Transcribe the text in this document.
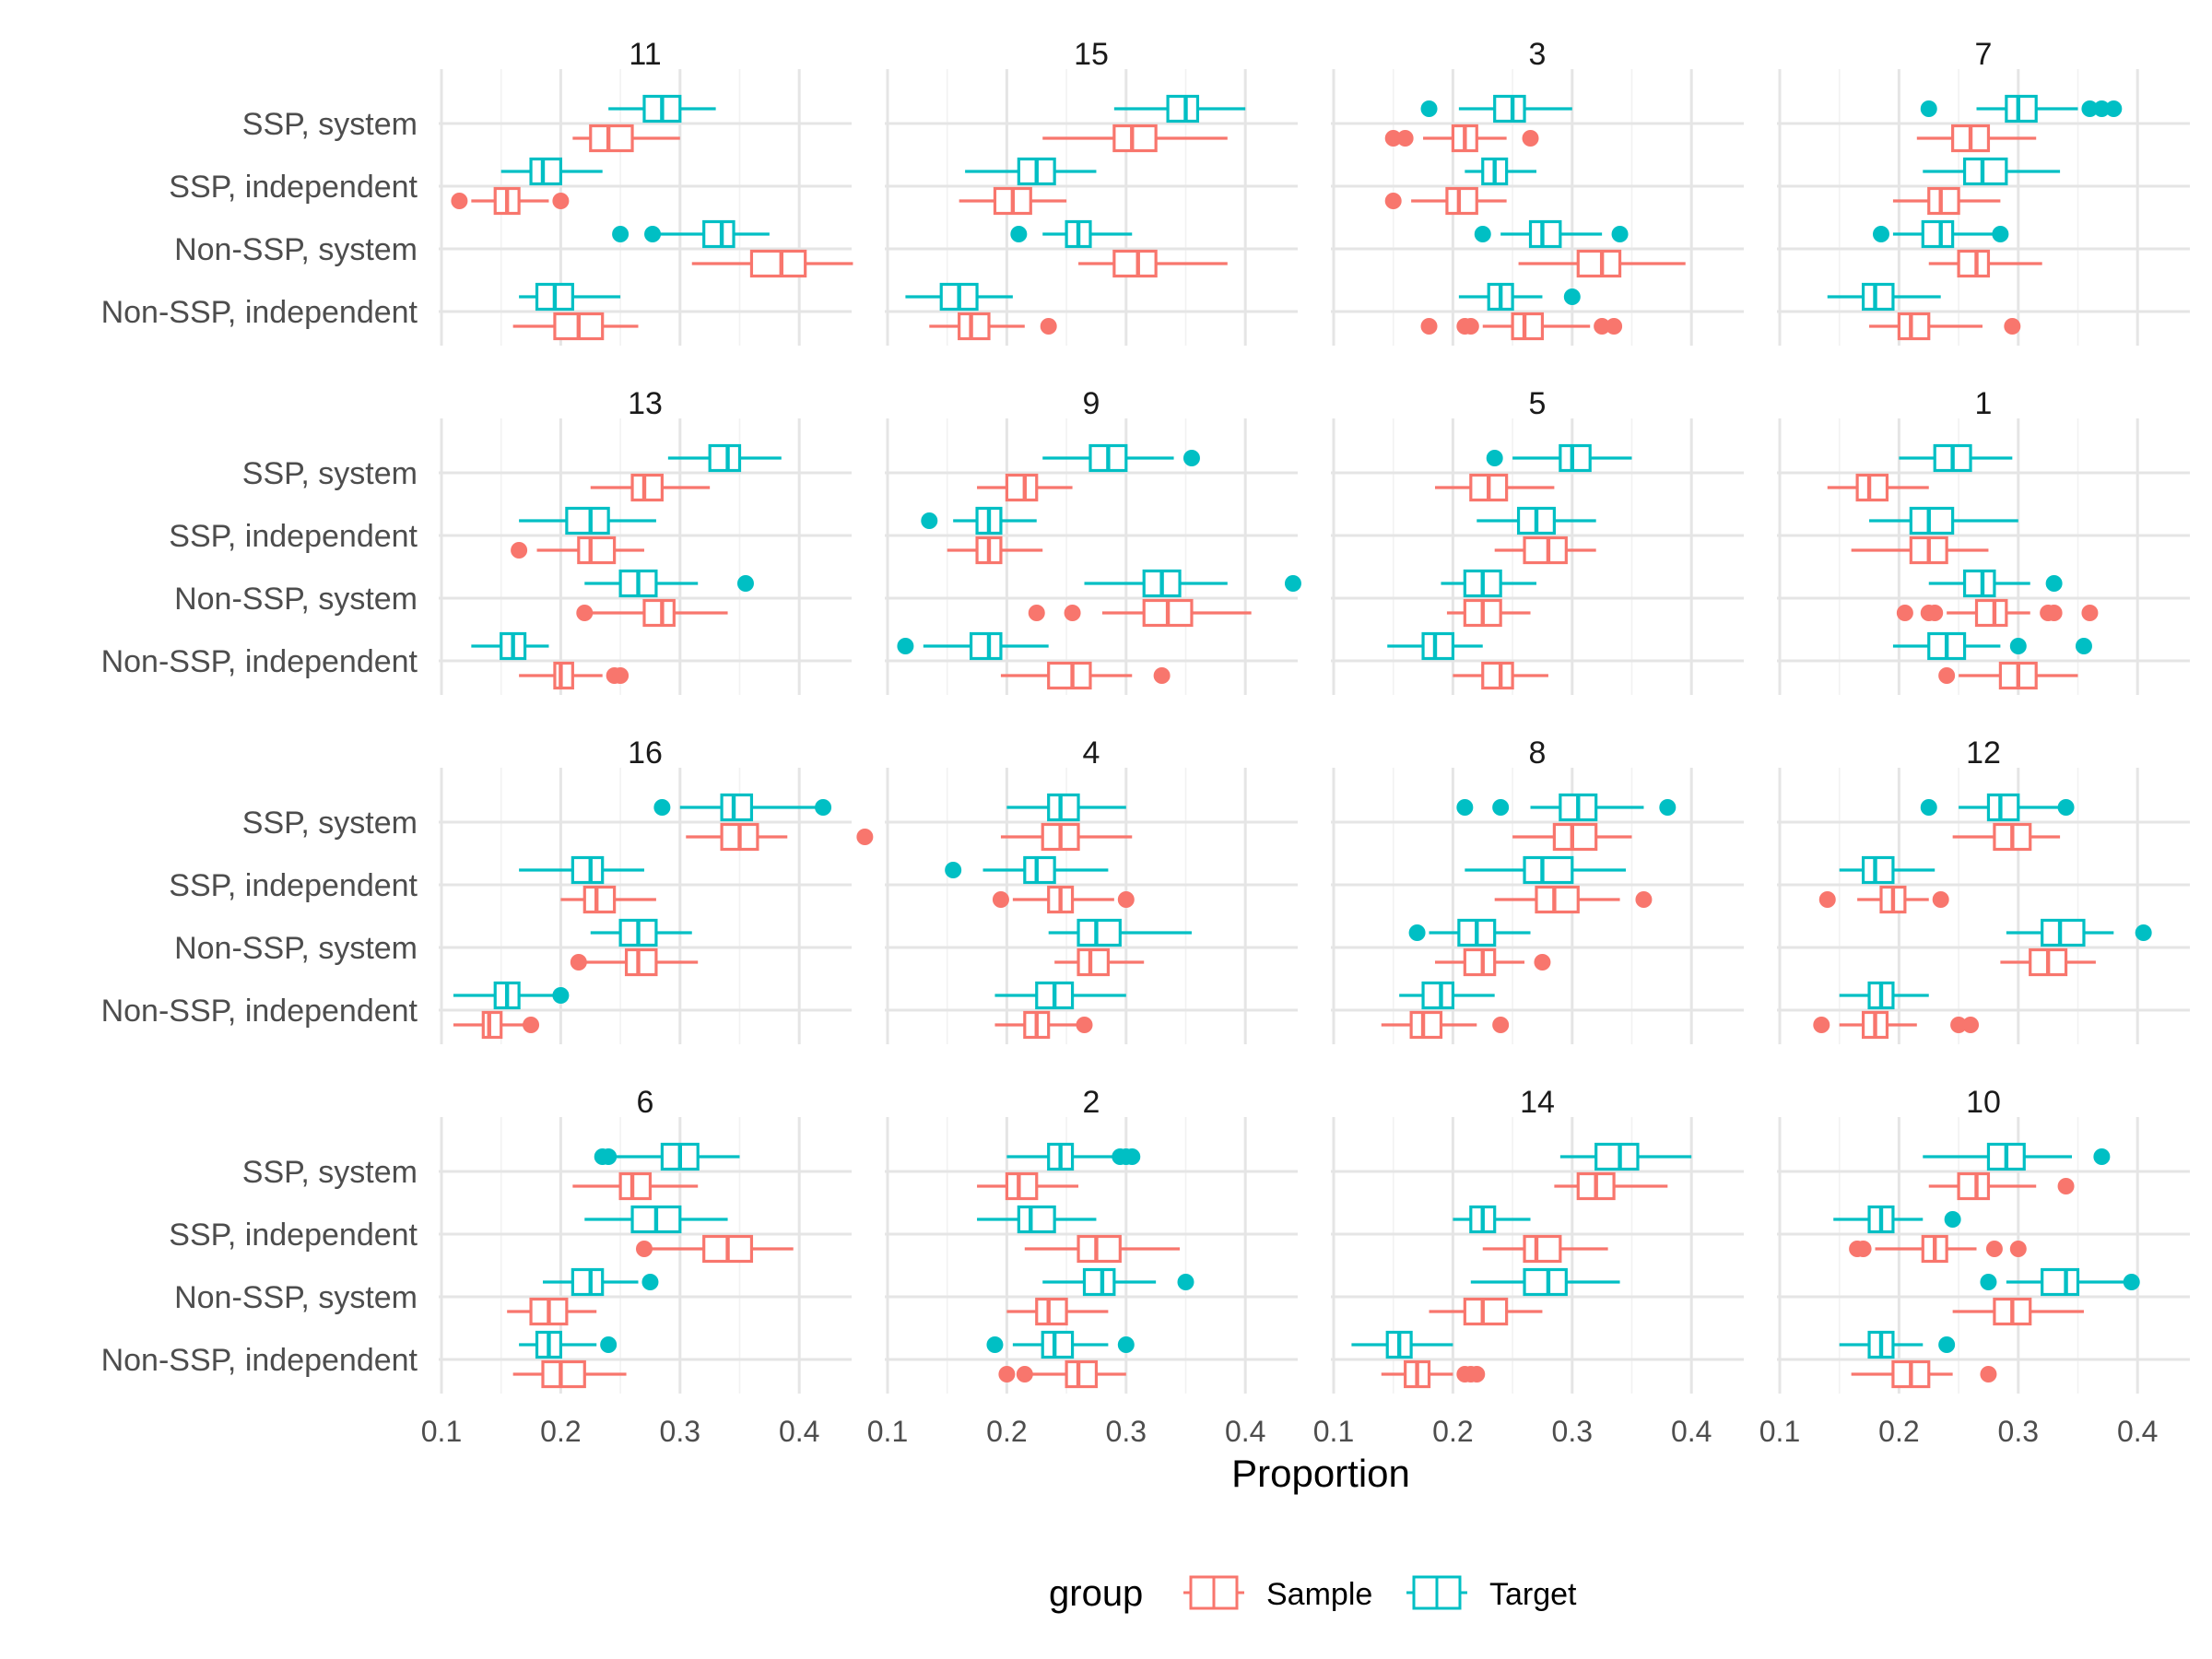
11
SSP, system
SSP, independent
Non-SSP, system
Non-SSP, independent
15	3	7
13
SSP, system
SSP, independent
Non-SSP, system
Non-SSP, independent
9	5	1
16
SSP, system
SSP, independent
Non-SSP, system
Non-SSP, independent
4	8	12
6
SSP, system
SSP, independent
Non-SSP, system
Non-SSP, independent
0.1	0.2	0.3	0.4
2
0.1	0.2	0.3	0.4
14
0.1	0.2	0.3	0.4
10
0.1	0.2	0.3	0.4
Proportion
group	Sample	Target
